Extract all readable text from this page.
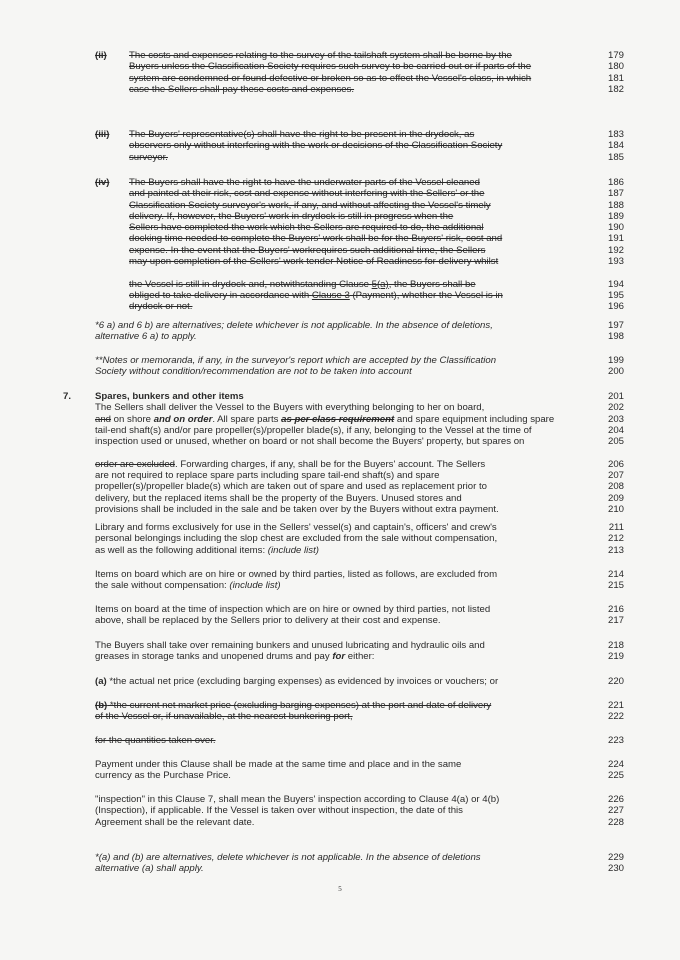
(ii) The costs and expenses relating to the survey of the tailshaft system shall be borne by the	179
Buyers unless the Classification Society requires such survey to be carried out or if parts of the	180
system are condemned or found defective or broken so as to effect the Vessel's class, in which	181
case the Sellers shall pay these costs and expenses.	182
(iii) The Buyers' representative(s) shall have the right to be present in the drydock, as	183
observers only without interfering with the work or decisions of the Classification Society	184
surveyor.	185
(iv) The Buyers shall have the right to have the underwater parts of the Vessel cleaned	186
and painted at their risk, cost and expense without interfering with the Sellers' or the	187
Classification Society surveyor's work, if any, and without affecting the Vessel's timely	188
delivery. If, however, the Buyers' work in drydock is still in progress when the	189
Sellers have completed the work which the Sellers are required to do, the additional	190
docking time needed to complete the Buyers' work shall be for the Buyers' risk, cost and	191
expense. In the event that the Buyers' workrequires such additional time, the Sellers	192
may upon completion of the Sellers' work tender Notice of Readiness for delivery whilst	193
the Vessel is still in drydock and, notwithstanding Clause 5(a), the Buyers shall be	194
obliged to take delivery in accordance with Clause 3 (Payment), whether the Vessel is in	195
drydock or not.	196
*6 a) and 6 b) are alternatives; delete whichever is not applicable. In the absence of deletions,	197
alternative 6 a) to apply.	198
**Notes or memoranda, if any, in the surveyor's report which are accepted by the Classification	199
Society without condition/recommendation are not to be taken into account	200
7. Spares, bunkers and other items	201
The Sellers shall deliver the Vessel to the Buyers with everything belonging to her on board,	202
and on shore and on order. All spare parts as per class requirement and spare equipment including spare	203
tail-end shaft(s) and/or pare propeller(s)/propeller blade(s), if any, belonging to the Vessel at the time of	204
inspection used or unused, whether on board or not shall become the Buyers' property, but spares on	205
order are excluded. Forwarding charges, if any, shall be for the Buyers' account. The Sellers	206
are not required to replace spare parts including spare tail-end shaft(s) and spare	207
propeller(s)/propeller blade(s) which are taken out of spare and used as replacement prior to	208
delivery, but the replaced items shall be the property of the Buyers. Unused stores and	209
provisions shall be included in the sale and be taken over by the Buyers without extra payment.	210
Library and forms exclusively for use in the Sellers' vessel(s) and captain's, officers' and crew's	211
personal belongings including the slop chest are excluded from the sale without compensation,	212
as well as the following additional items: (include list)	213
Items on board which are on hire or owned by third parties, listed as follows, are excluded from	214
the sale without compensation: (include list)	215
Items on board at the time of inspection which are on hire or owned by third parties, not listed	216
above, shall be replaced by the Sellers prior to delivery at their cost and expense.	217
The Buyers shall take over remaining bunkers and unused lubricating and hydraulic oils and	218
greases in storage tanks and unopened drums and pay for either:	219
(a) *the actual net price (excluding barging expenses) as evidenced by invoices or vouchers; or	220
(b) *the current net market price (excluding barging expenses) at the port and date of delivery	221
of the Vessel or, if unavailable, at the nearest bunkering port,	222
for the quantities taken over.	223
Payment under this Clause shall be made at the same time and place and in the same	224
currency as the Purchase Price.	225
"inspection" in this Clause 7, shall mean the Buyers' inspection according to Clause 4(a) or 4(b)	226
(Inspection), if applicable. If the Vessel is taken over without inspection, the date of this	227
Agreement shall be the relevant date.	228
*(a) and (b) are alternatives, delete whichever is not applicable. In the absence of deletions	229
alternative (a) shall apply.	230
5
